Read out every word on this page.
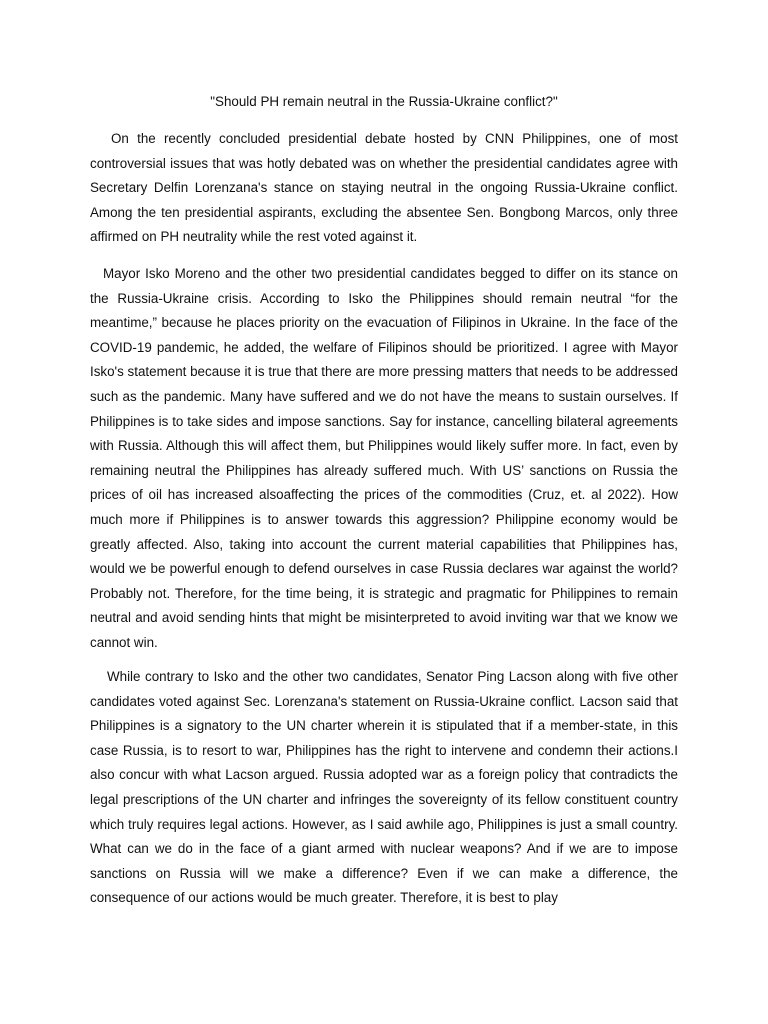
"Should PH remain neutral in the Russia-Ukraine conflict?"

On the recently concluded presidential debate hosted by CNN Philippines, one of most controversial issues that was hotly debated was on whether the presidential candidates agree with Secretary Delfin Lorenzana's stance on staying neutral in the ongoing Russia-Ukraine conflict. Among the ten presidential aspirants, excluding the absentee Sen. Bongbong Marcos, only three affirmed on PH neutrality while the rest voted against it.

Mayor Isko Moreno and the other two presidential candidates begged to differ on its stance on the Russia-Ukraine crisis. According to Isko the Philippines should remain neutral “for the meantime,” because he places priority on the evacuation of Filipinos in Ukraine. In the face of the COVID-19 pandemic, he added, the welfare of Filipinos should be prioritized. I agree with Mayor Isko's statement because it is true that there are more pressing matters that needs to be addressed such as the pandemic. Many have suffered and we do not have the means to sustain ourselves. If Philippines is to take sides and impose sanctions. Say for instance, cancelling bilateral agreements with Russia. Although this will affect them, but Philippines would likely suffer more. In fact, even by remaining neutral the Philippines has already suffered much. With US’ sanctions on Russia the prices of oil has increased alsoaffecting the prices of the commodities (Cruz, et. al 2022). How much more if Philippines is to answer towards this aggression? Philippine economy would be greatly affected. Also, taking into account the current material capabilities that Philippines has, would we be powerful enough to defend ourselves in case Russia declares war against the world? Probably not. Therefore, for the time being, it is strategic and pragmatic for Philippines to remain neutral and avoid sending hints that might be misinterpreted to avoid inviting war that we know we cannot win.

While contrary to Isko and the other two candidates, Senator Ping Lacson along with five other candidates voted against Sec. Lorenzana's statement on Russia-Ukraine conflict. Lacson said that Philippines is a signatory to the UN charter wherein it is stipulated that if a member-state, in this case Russia, is to resort to war, Philippines has the right to intervene and condemn their actions.I also concur with what Lacson argued. Russia adopted war as a foreign policy that contradicts the legal prescriptions of the UN charter and infringes the sovereignty of its fellow constituent country which truly requires legal actions. However, as I said awhile ago, Philippines is just a small country. What can we do in the face of a giant armed with nuclear weapons? And if we are to impose sanctions on Russia will we make a difference? Even if we can make a difference, the consequence of our actions would be much greater. Therefore, it is best to play
